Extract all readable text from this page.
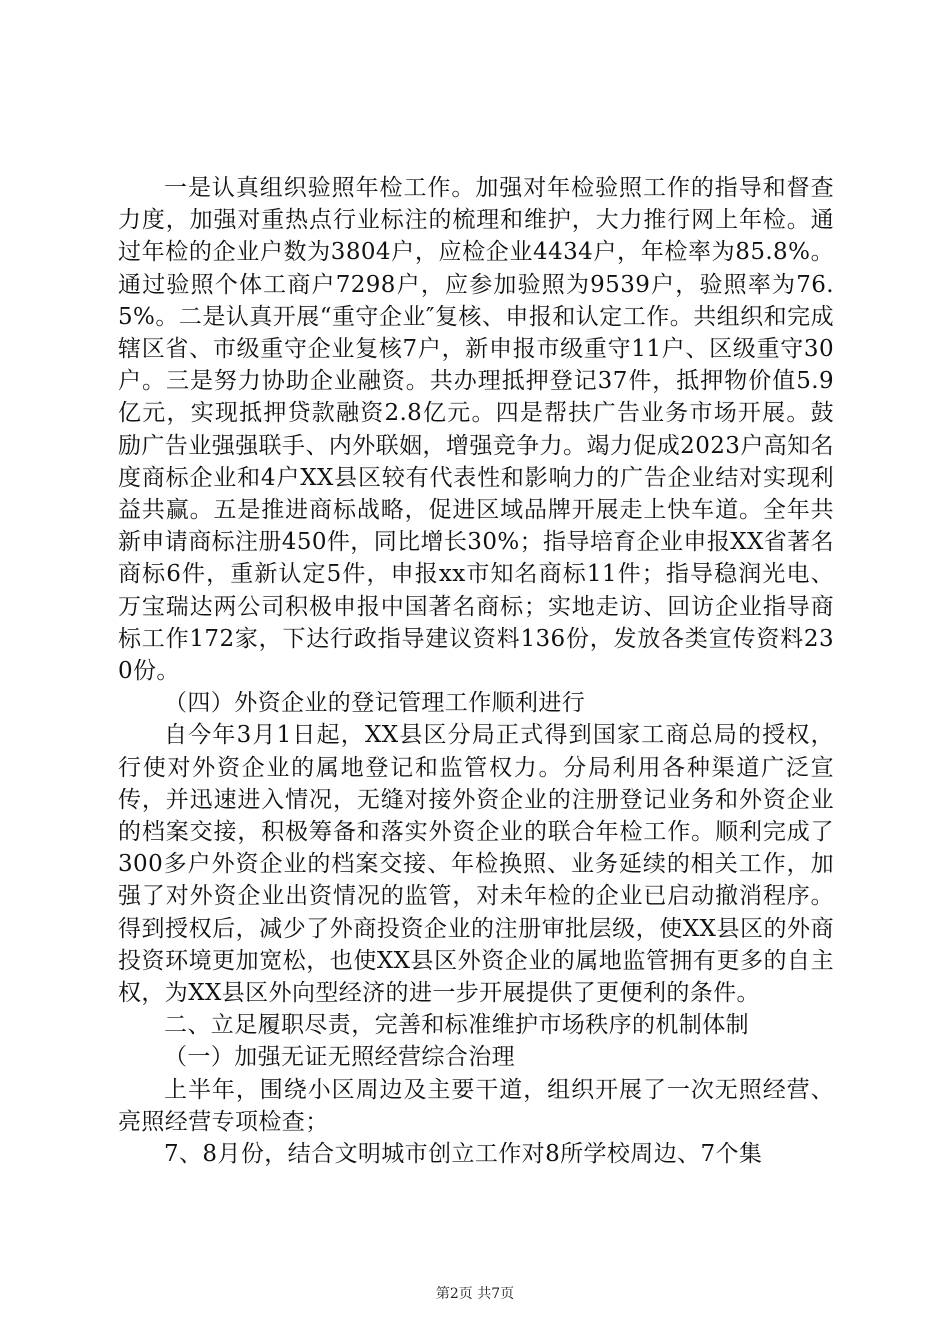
一是认真组织验照年检工作。加强对年检验照工作的指导和督查力度，加强对重热点行业标注的梳理和维护，大力推行网上年检。通过年检的企业户数为3804户，应检企业4434户，年检率为85.8%。通过验照个体工商户7298户，应参加验照为9539户，验照率为76.5%。二是认真开展“重守企业″复核、申报和认定工作。共组织和完成辖区省、市级重守企业复核7户，新申报市级重守11户、区级重守30户。三是努力协助企业融资。共办理抵押登记37件，抵押物价值5.9亿元，实现抵押贷款融资2.8亿元。四是帮扶广告业务市场开展。鼓励广告业强强联手、内外联姻，增强竞争力。竭力促成2023户高知名度商标企业和4户XX县区较有代表性和影响力的广告企业结对实现利益共赢。五是推进商标战略，促进区域品牌开展走上快车道。全年共新申请商标注册450件，同比增长30%；指导培育企业申报XX省著名商标6件，重新认定5件，申报xx市知名商标11件；指导稳润光电、万宝瑞达两公司积极申报中国著名商标；实地走访、回访企业指导商标工作172家，下达行政指导建议资料136份，发放各类宣传资料230份。

（四）外资企业的登记管理工作顺利进行

自今年3月1日起，XX县区分局正式得到国家工商总局的授权，行使对外资企业的属地登记和监管权力。分局利用各种渠道广泛宣传，并迅速进入情况，无缝对接外资企业的注册登记业务和外资企业的档案交接，积极筹备和落实外资企业的联合年检工作。顺利完成了300多户外资企业的档案交接、年检换照、业务延续的相关工作，加强了对外资企业出资情况的监管，对未年检的企业已启动撤消程序。得到授权后，减少了外商投资企业的注册审批层级，使XX县区的外商投资环境更加宽松，也使XX县区外资企业的属地监管拥有更多的自主权，为XX县区外向型经济的进一步开展提供了更便利的条件。

二、立足履职尽责，完善和标准维护市场秩序的机制体制

（一）加强无证无照经营综合治理

上半年，围绕小区周边及主要干道，组织开展了一次无照经营、亮照经营专项检查；

7、8月份，结合文明城市创立工作对8所学校周边、7个集

第2页 共7页
